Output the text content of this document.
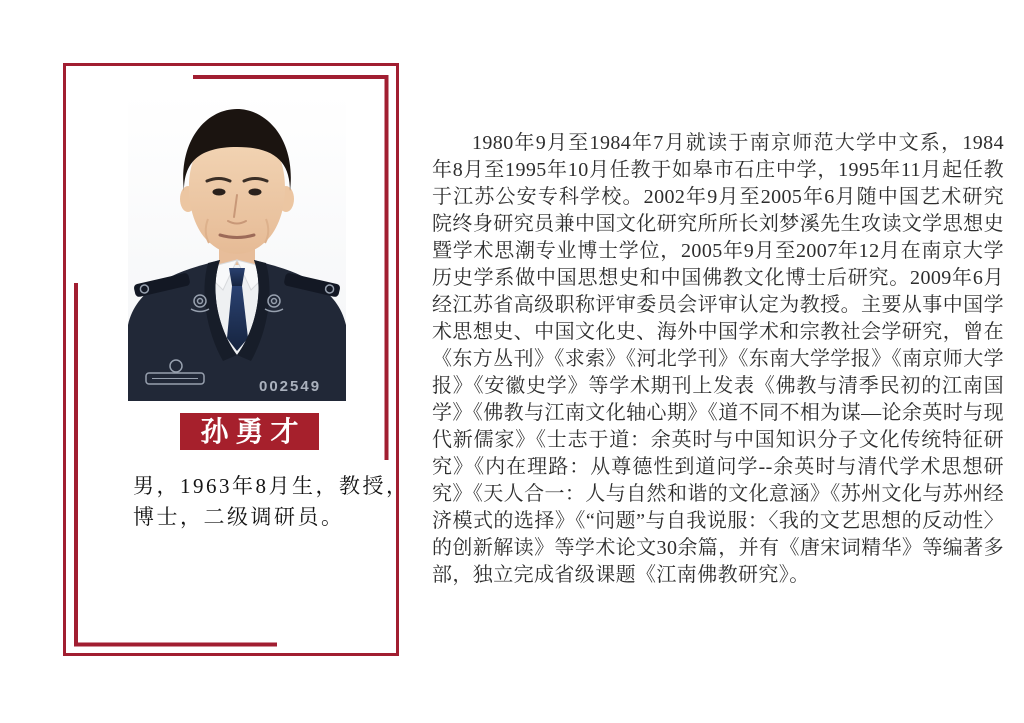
002549
孙勇才
男，1963年8月生，教授，
博士，二级调研员。

1980年9月至1984年7月就读于南京师范大学中文系，1984年8月至1995年10月任教于如皋市石庄中学，1995年11月起任教于江苏公安专科学校。2002年9月至2005年6月随中国艺术研究院终身研究员兼中国文化研究所所长刘梦溪先生攻读文学思想史暨学术思潮专业博士学位，2005年9月至2007年12月在南京大学历史学系做中国思想史和中国佛教文化博士后研究。2009年6月经江苏省高级职称评审委员会评审认定为教授。主要从事中国学术思想史、中国文化史、海外中国学术和宗教社会学研究，曾在《东方丛刊》《求索》《河北学刊》《东南大学学报》《南京师大学报》《安徽史学》等学术期刊上发表《佛教与清季民初的江南国学》《佛教与江南文化轴心期》《道不同不相为谋—论余英时与现代新儒家》《士志于道：余英时与中国知识分子文化传统特征研究》《内在理路：从尊德性到道问学--余英时与清代学术思想研究》《天人合一：人与自然和谐的文化意涵》《苏州文化与苏州经济模式的选择》《“问题”与自我说服：〈我的文艺思想的反动性〉的创新解读》等学术论文30余篇，并有《唐宋词精华》等编著多部，独立完成省级课题《江南佛教研究》。
